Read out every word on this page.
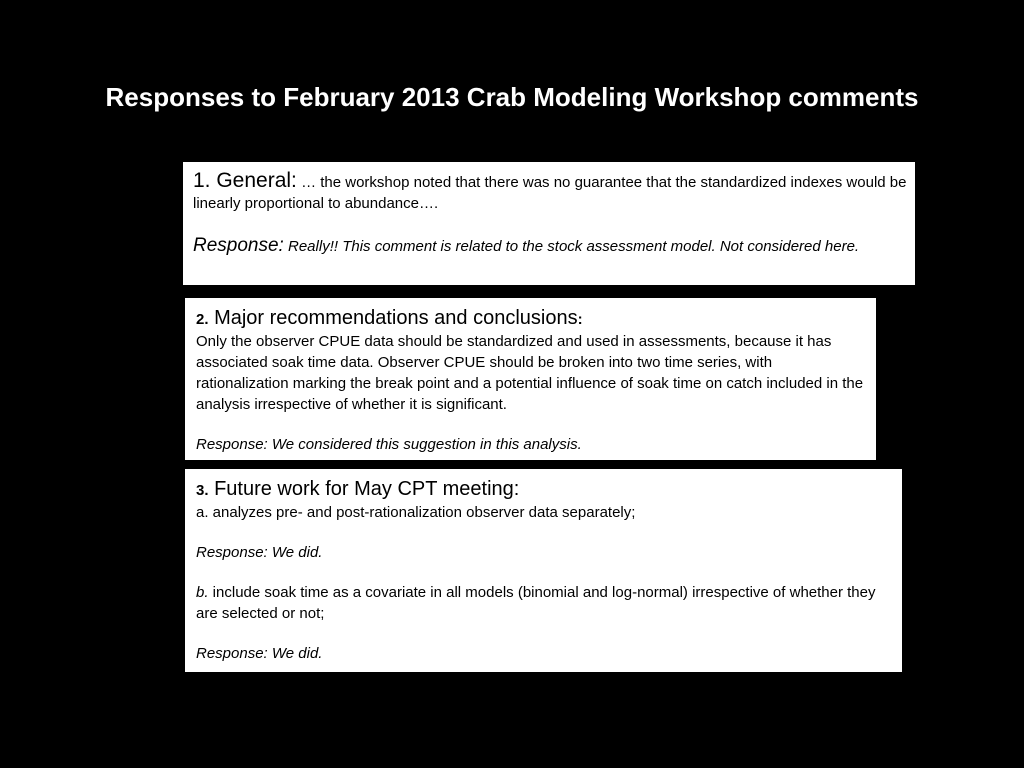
Responses to February 2013 Crab Modeling Workshop comments

1. General: … the workshop noted that there was no guarantee that the standardized indexes would be linearly proportional to abundance….

Response: Really!! This comment is related to the stock assessment model. Not considered here.

2. Major recommendations and conclusions:

Only the observer CPUE data should be standardized and used in assessments, because it has associated soak time data. Observer CPUE should be broken into two time series, with rationalization marking the break point and a potential influence of soak time on catch included in the analysis irrespective of whether it is significant.

Response: We considered this suggestion in this analysis.

3. Future work for May CPT meeting:

a. analyzes pre- and post-rationalization observer data separately;

Response: We did.

b. include soak time as a covariate in all models (binomial and log-normal) irrespective of whether they are selected or not;

Response: We did.
